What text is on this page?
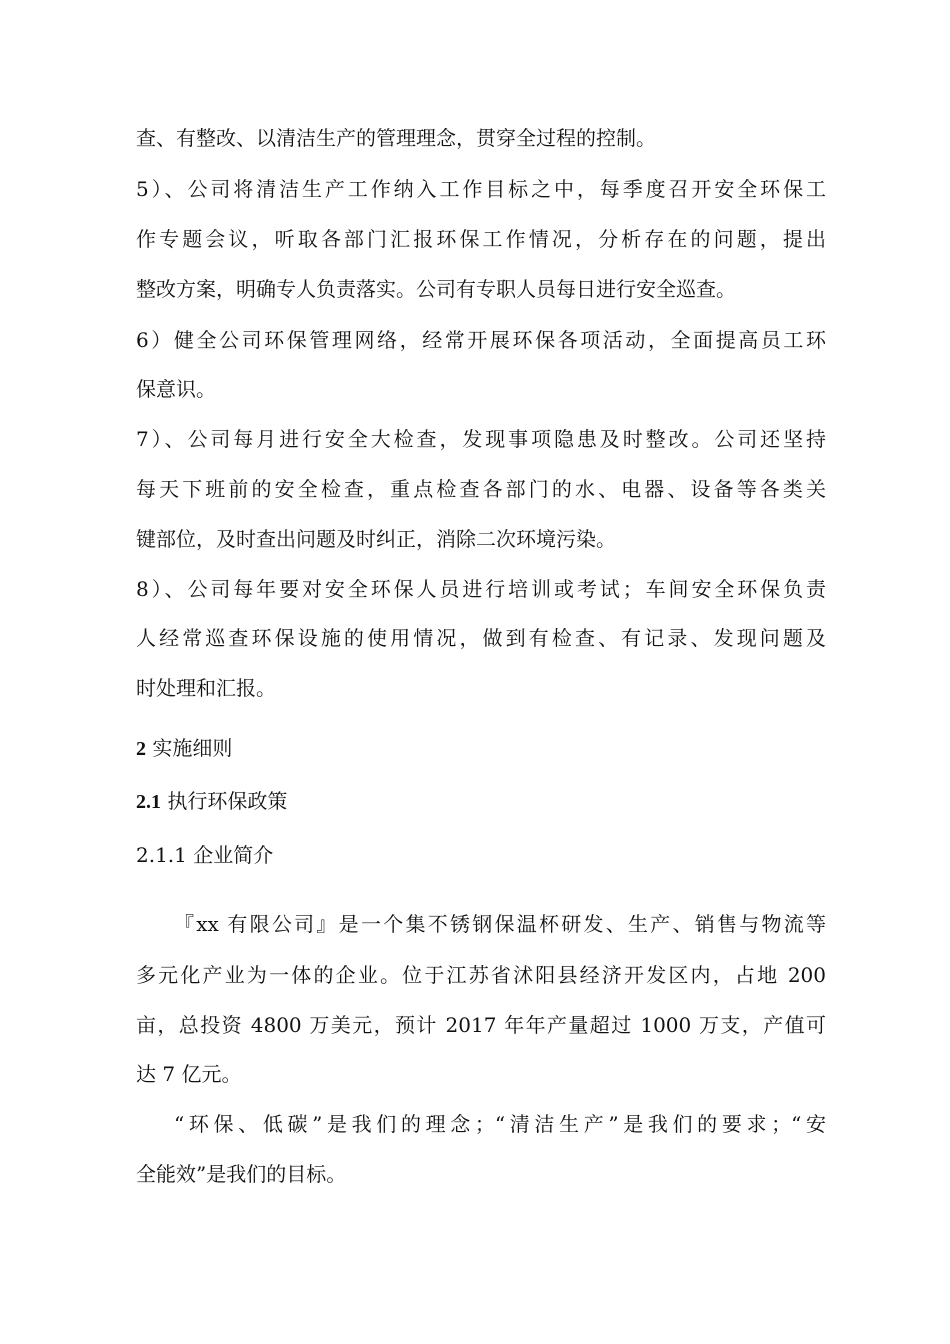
查、有整改、以清洁生产的管理理念，贯穿全过程的控制。
5）、公司将清洁生产工作纳入工作目标之中，每季度召开安全环保工
作专题会议，听取各部门汇报环保工作情况，分析存在的问题，提出
整改方案，明确专人负责落实。公司有专职人员每日进行安全巡查。
6）健全公司环保管理网络，经常开展环保各项活动，全面提高员工环
保意识。
7）、公司每月进行安全大检查，发现事项隐患及时整改。公司还坚持
每天下班前的安全检查，重点检查各部门的水、电器、设备等各类关
键部位，及时查出问题及时纠正，消除二次环境污染。
8）、公司每年要对安全环保人员进行培训或考试；车间安全环保负责
人经常巡查环保设施的使用情况，做到有检查、有记录、发现问题及
时处理和汇报。
2 实施细则
2.1 执行环保政策
2.1.1 企业简介
『xx 有限公司』是一个集不锈钢保温杯研发、生产、销售与物流等
多元化产业为一体的企业。位于江苏省沭阳县经济开发区内，占地 200
亩，总投资 4800 万美元，预计 2017 年年产量超过 1000 万支，产值可
达 7 亿元。
“环保、低碳”是我们的理念；“清洁生产”是我们的要求；“安
全能效”是我们的目标。
